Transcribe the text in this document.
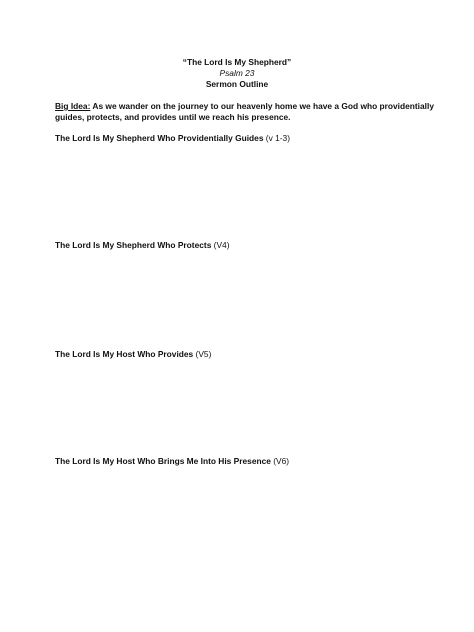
“The Lord Is My Shepherd”
Psalm 23
Sermon Outline
Big Idea: As we wander on the journey to our heavenly home we have a God who providentially guides, protects, and provides until we reach his presence.
The Lord Is My Shepherd Who Providentially Guides (v 1-3)
The Lord Is My Shepherd Who Protects (V4)
The Lord Is My Host Who Provides (V5)
The Lord Is My Host Who Brings Me Into His Presence (V6)
